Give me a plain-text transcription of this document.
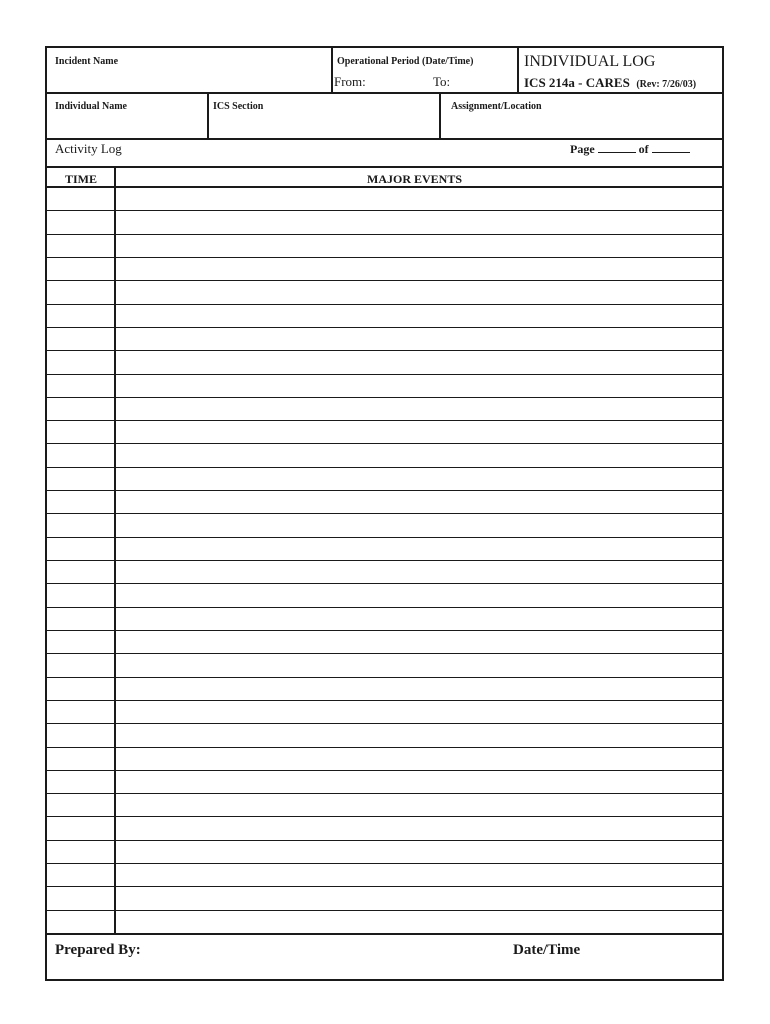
Incident Name	Operational Period (Date/Time)
From:	To:
INDIVIDUAL LOG
ICS 214a - CARES (Rev: 7/26/03)
Individual Name	ICS Section	Assignment/Location
Activity Log	Page	of
TIME	MAJOR EVENTS
Prepared By:	Date/Time
